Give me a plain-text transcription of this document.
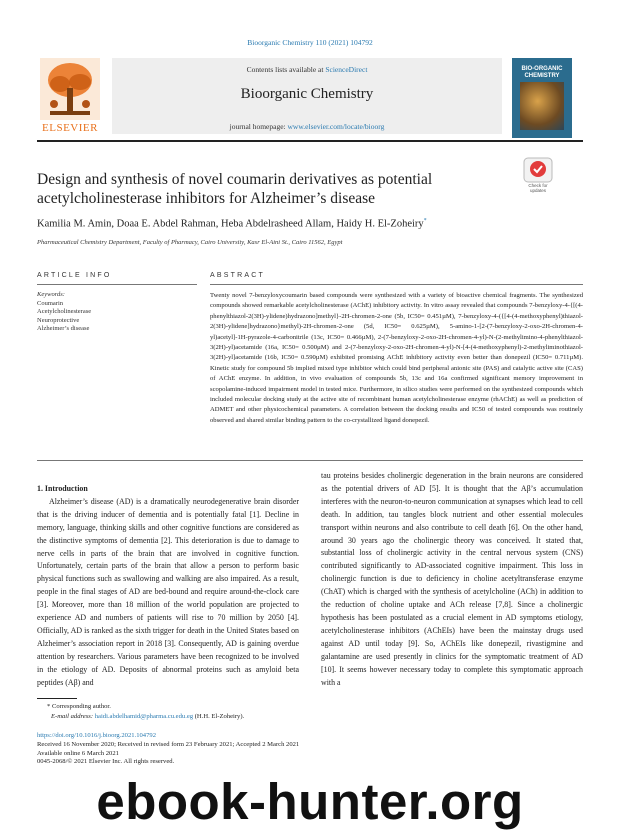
Bioorganic Chemistry 110 (2021) 104792
ELSEVIER
Contents lists available at ScienceDirect
Bioorganic Chemistry
journal homepage: www.elsevier.com/locate/bioorg
BIO-ORGANIC CHEMISTRY
Check for updates
Design and synthesis of novel coumarin derivatives as potential acetylcholinesterase inhibitors for Alzheimer’s disease
Kamilia M. Amin, Doaa E. Abdel Rahman, Heba Abdelrasheed Allam, Haidy H. El-Zoheiry*
Pharmaceutical Chemistry Department, Faculty of Pharmacy, Cairo University, Kasr El-Aini St., Cairo 11562, Egypt
ARTICLE INFO	ABSTRACT
Keywords:
Coumarin
Acetylcholinesterase
Neuroprotective
Alzheimer’s disease
Twenty novel 7-benzyloxycoumarin based compounds were synthesized with a variety of bioactive chemical fragments. The synthesized compounds showed remarkable acetylcholinesterase (AChE) inhibitory activity. In vitro assay revealed that compounds 7-benzyloxy-4-{[(4-phenylthiazol-2(3H)-ylidene)hydrazono]methyl}-2H-chromen-2-one (5b, IC50= 0.451µM), 7-benzyloxy-4-({[4-(4-methoxyphenyl)thiazol-2(3H)-ylidene]hydrazono}methyl)-2H-chromen-2-one (5d, IC50= 0.625µM), 5-amino-1-[2-(7-benzyloxy-2-oxo-2H-chromen-4-yl)acetyl]-1H-pyrazole-4-carbonitrile (13c, IC50= 0.466µM), 2-(7-benzyloxy-2-oxo-2H-chromen-4-yl)-N-(2-methylimino-4-phenylthiazol-3(2H)-yl)acetamide (16a, IC50= 0.500µM) and 2-(7-benzyloxy-2-oxo-2H-chromen-4-yl)-N-[4-(4-methoxyphenyl)-2-methyliminothiazol-3(2H)-yl]acetamide (16b, IC50= 0.590µM) exhibited promising AChE inhibitory activity even better than donepezil (IC50= 0.711µM). Kinetic study for compound 5b implied mixed type inhibitor which could bind peripheral anionic site (PAS) and catalytic active site (CAS) of AChE enzyme. In addition, in vivo evaluation of compounds 5b, 13c and 16a confirmed significant memory improvement in scopolamine-induced impairment model in tested mice. Furthermore, in silico studies were performed on the synthesized compounds which included molecular docking study at the active site of recombinant human acetylcholinesterase enzyme (rhAChE) as well as prediction of ADMET and other physicochemical parameters. A correlation between the docking results and IC50 of tested compounds was routinely observed and shared similar binding pattern to the co-crystallized ligand donepezil.

1. Introduction

Alzheimer’s disease (AD) is a dramatically neurodegenerative brain disorder that is the driving inducer of dementia and is potentially fatal [1]. Decline in memory, language, thinking skills and other cognitive functions are considered as the distinctive symptoms of dementia [2]. This deterioration is due to damage to nerve cells in parts of the brain that are involved in cognitive function. Unfortunately, certain parts of the brain that allow a person to perform basic physical functions such as swallowing and walking are also impaired. As a result, people in the final stages of AD are bed-bound and require around-the-clock care [3]. Moreover, more than 18 million of the world population are projected to experience AD and numbers of patients will rise to 70 million by 2050 [4]. Officially, AD is ranked as the sixth trigger for death in the United States based on Alzheimer’s association report in 2018 [3]. Consequently, AD is gaining overdue attention by researchers. Various parameters have been recognized to be involved in the etiology of AD. Deposits of abnormal proteins such as amyloid beta peptides (Aβ) and

tau proteins besides cholinergic degeneration in the brain neurons are considered as the potential drivers of AD [5]. It is thought that the Aβ’s accumulation interferes with the neuron-to-neuron communication at synapses which lead to cell death. In addition, tau tangles block nutrient and other essential molecules transport within neurons and also contribute to cell death [6]. On the other hand, around 30 years ago the cholinergic theory was conceived. It stated that, substantial loss of cholinergic activity in the central nervous system (CNS) contributed significantly to AD-associated cognitive impairment. This loss in cholinergic function is due to deficiency in choline acetyltransferase enzyme (ChAT) which is charged with the synthesis of acetylcholine (ACh) in addition to the reduction of choline uptake and ACh release [7,8]. Since a cholinergic hypothesis has been postulated as a crucial element in AD symptoms etiology, acetylcholinesterase inhibitors (AChEIs) have been the mainstay drugs used against AD until today [9]. So, AChEIs like donepezil, rivastigmine and galantamine are used presently in clinics for the symptomatic treatment of AD [10]. It seems however necessary today to complete this symptomatic approach with a

* Corresponding author.
E-mail address: haidi.abdelhamid@pharma.cu.edu.eg (H.H. El-Zoheiry).
https://doi.org/10.1016/j.bioorg.2021.104792
Received 16 November 2020; Received in revised form 23 February 2021; Accepted 2 March 2021
Available online 6 March 2021
0045-2068/© 2021 Elsevier Inc. All rights reserved.
ebook-hunter.org
